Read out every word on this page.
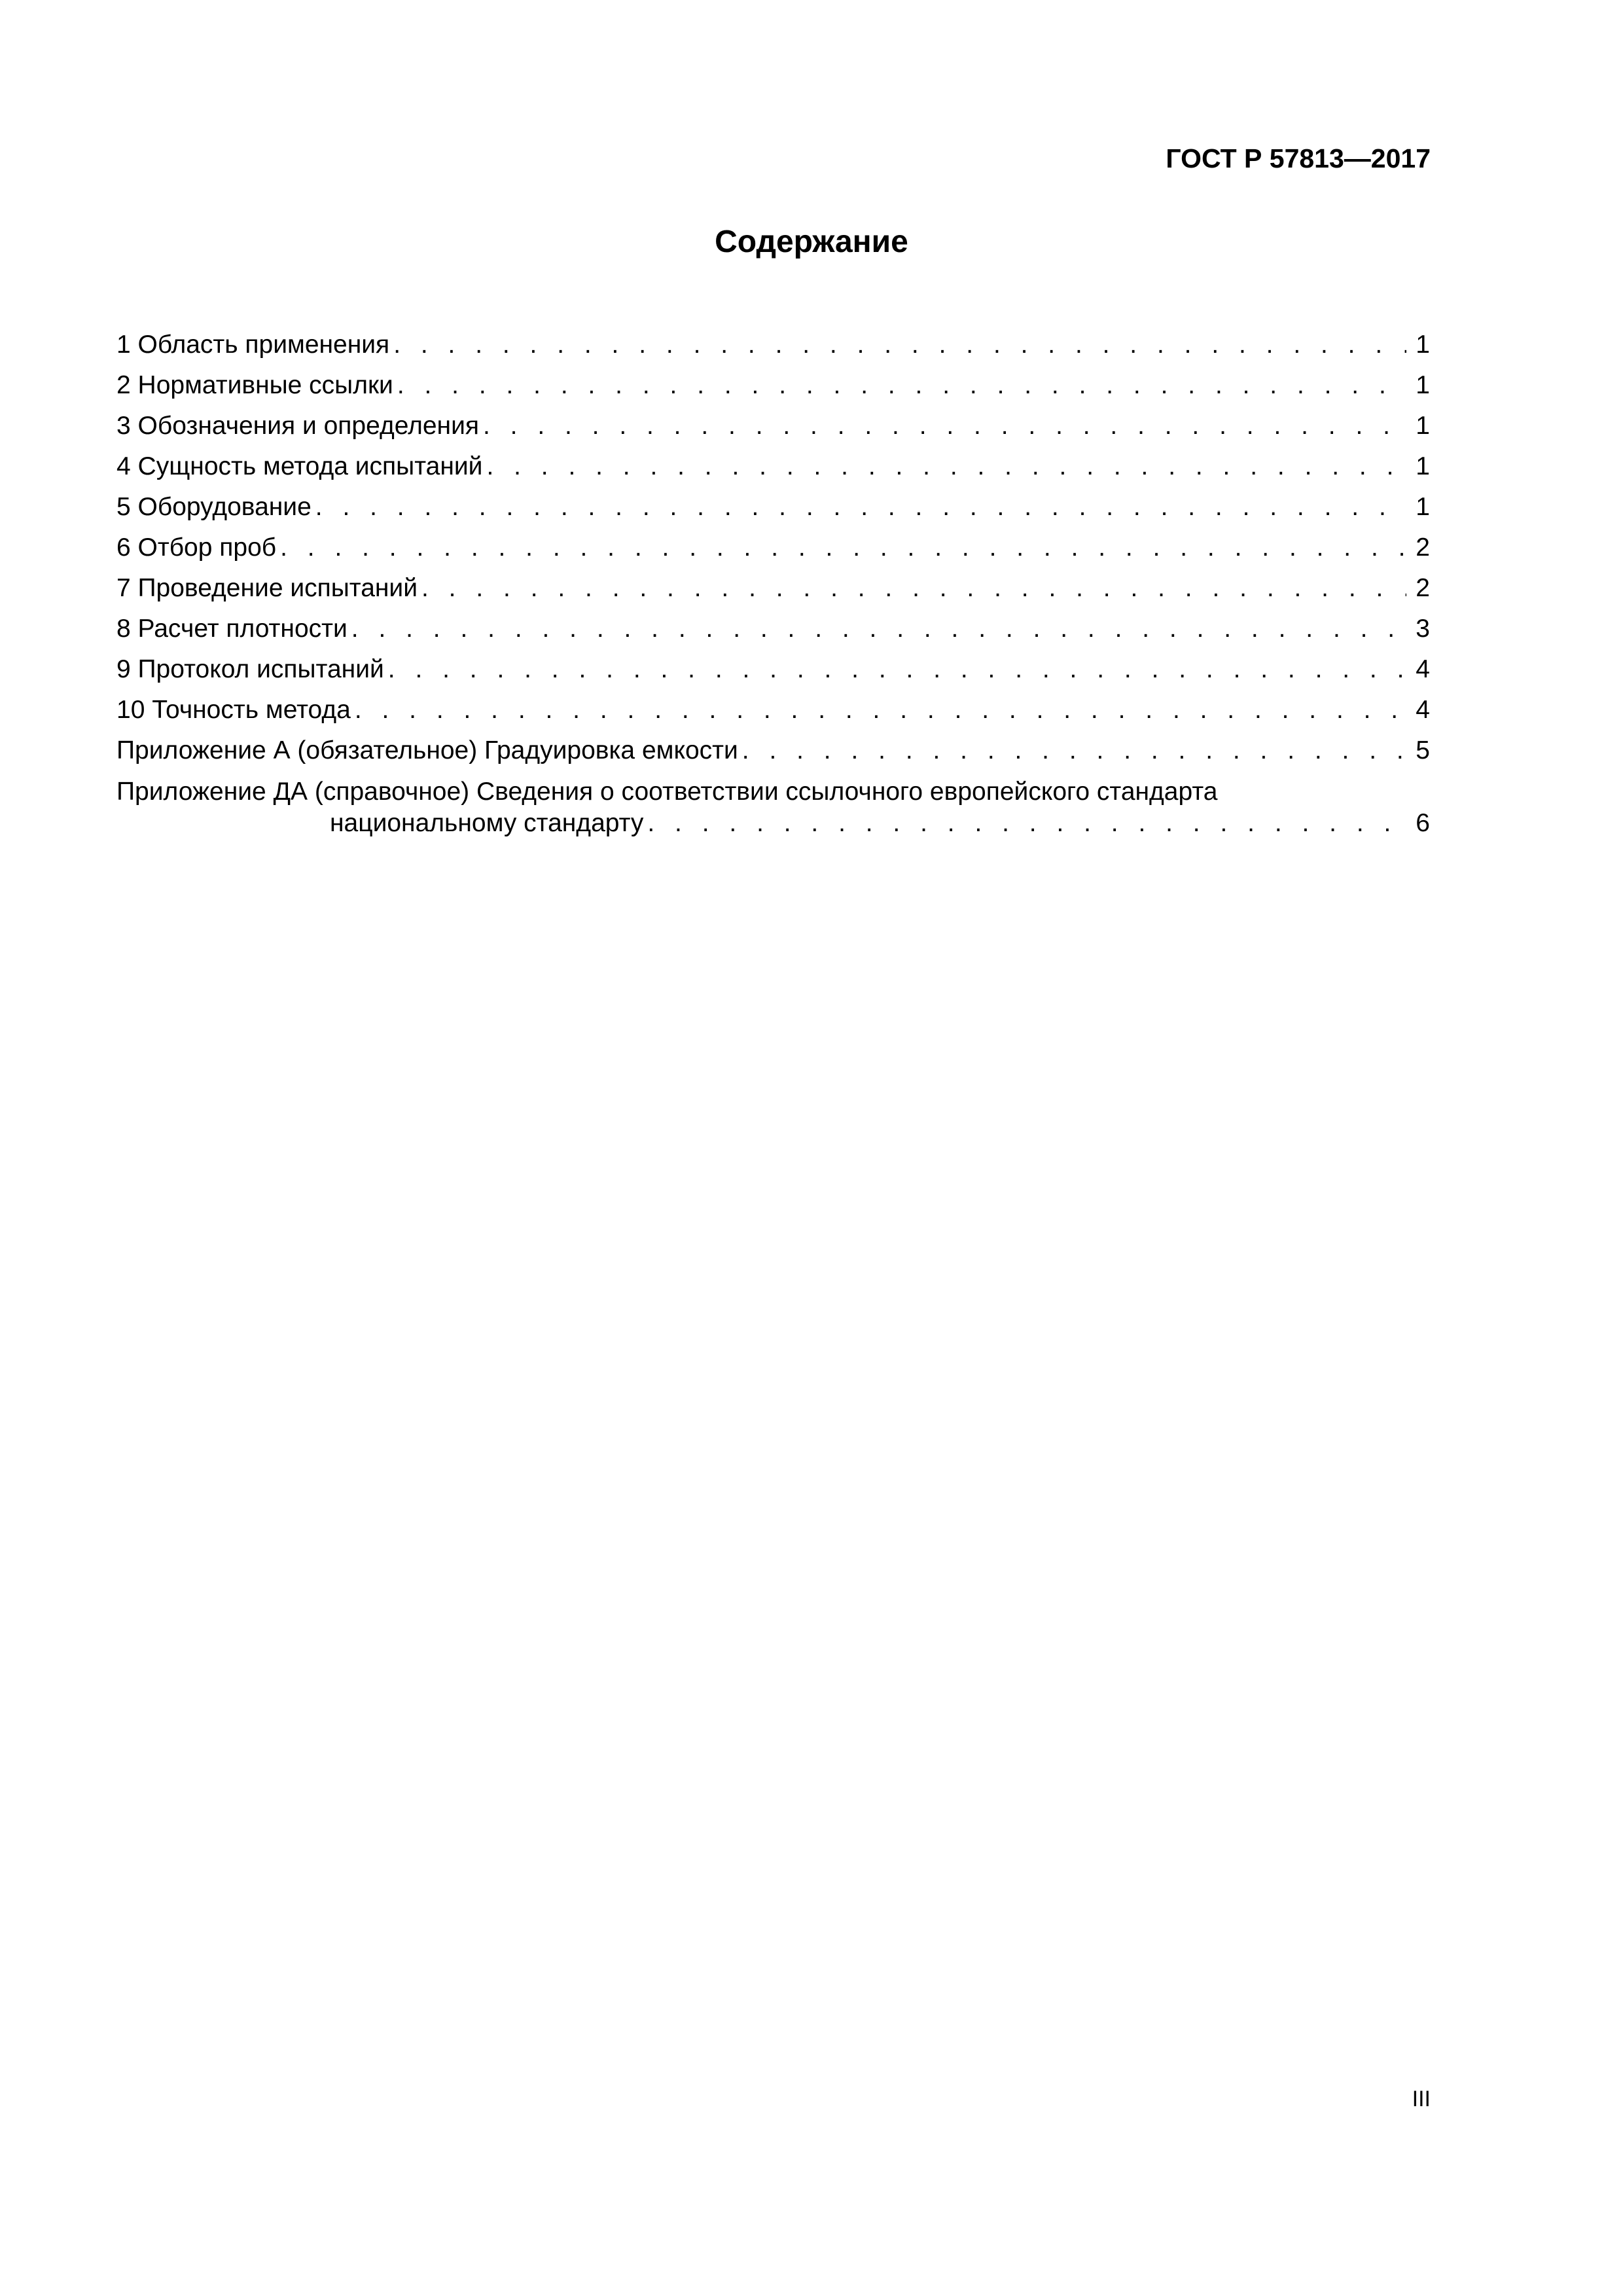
ГОСТ Р 57813—2017
Содержание
1 Область применения . . .	1
2 Нормативные ссылки . . .	1
3 Обозначения и определения . . .	1
4 Сущность метода испытаний . . .	1
5 Оборудование . . .	1
6 Отбор проб . . .	2
7 Проведение испытаний . . .	2
8 Расчет плотности . . .	3
9 Протокол испытаний . . .	4
10 Точность метода . . .	4
Приложение А (обязательное) Градуировка емкости . . .	5
Приложение ДА (справочное) Сведения о соответствии ссылочного европейского стандарта
национальному стандарту . . .	6
III
